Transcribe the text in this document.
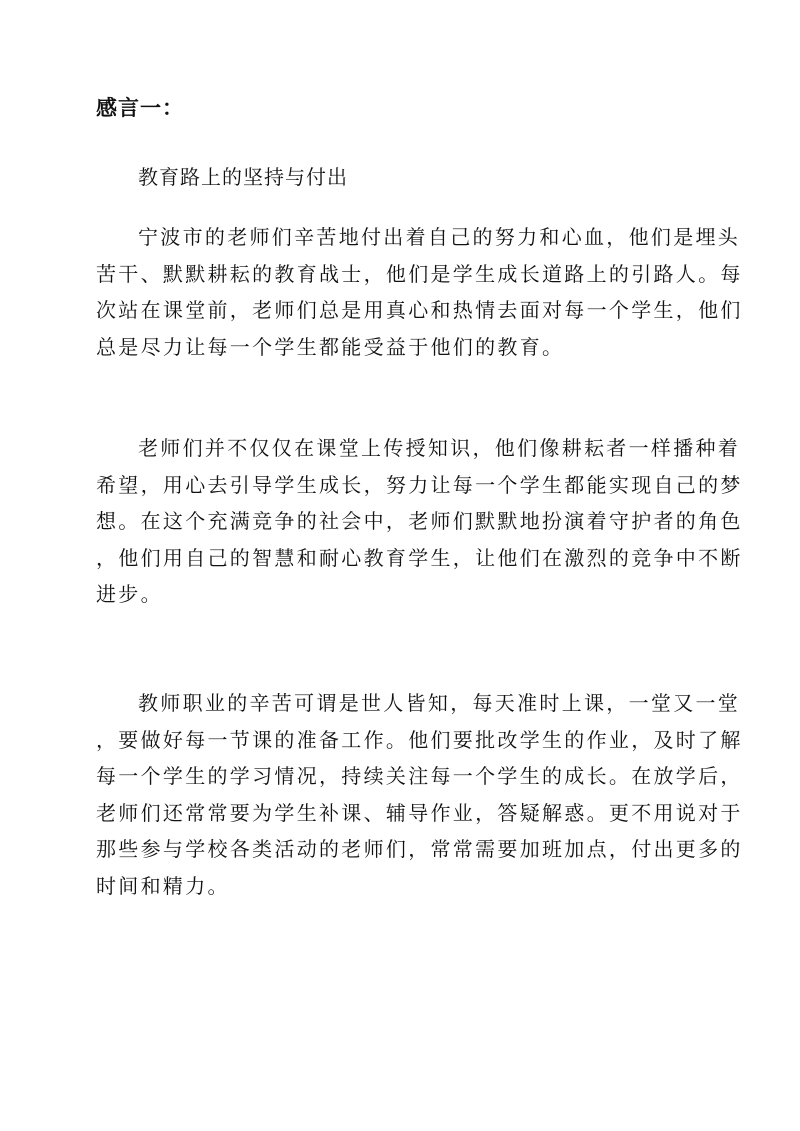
感言一：
教育路上的坚持与付出

宁波市的老师们辛苦地付出着自己的努力和心血，他们是埋头
苦干、默默耕耘的教育战士，他们是学生成长道路上的引路人。每
次站在课堂前，老师们总是用真心和热情去面对每一个学生，他们
总是尽力让每一个学生都能受益于他们的教育。

老师们并不仅仅在课堂上传授知识，他们像耕耘者一样播种着
希望，用心去引导学生成长，努力让每一个学生都能实现自己的梦
想。在这个充满竞争的社会中，老师们默默地扮演着守护者的角色
，他们用自己的智慧和耐心教育学生，让他们在激烈的竞争中不断
进步。

教师职业的辛苦可谓是世人皆知，每天准时上课，一堂又一堂
，要做好每一节课的准备工作。他们要批改学生的作业，及时了解
每一个学生的学习情况，持续关注每一个学生的成长。在放学后，
老师们还常常要为学生补课、辅导作业，答疑解惑。更不用说对于
那些参与学校各类活动的老师们，常常需要加班加点，付出更多的
时间和精力。
